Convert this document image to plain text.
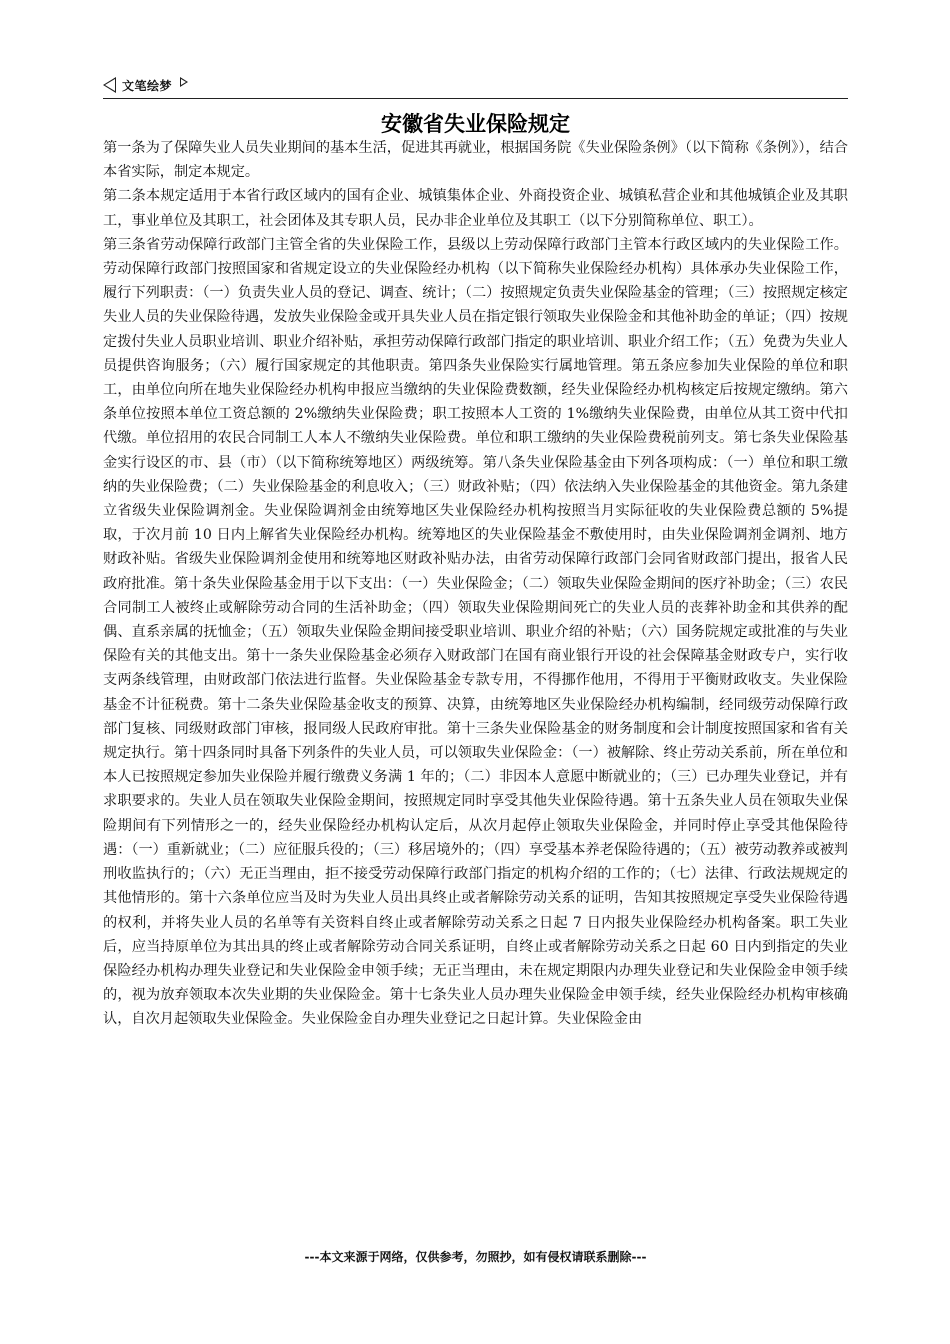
文笔绘梦
安徽省失业保险规定

第一条为了保障失业人员失业期间的基本生活，促进其再就业，根据国务院《失业保险条例》（以下简称《条例》），结合本省实际，制定本规定。

第二条本规定适用于本省行政区域内的国有企业、城镇集体企业、外商投资企业、城镇私营企业和其他城镇企业及其职工，事业单位及其职工，社会团体及其专职人员，民办非企业单位及其职工（以下分别简称单位、职工）。

第三条省劳动保障行政部门主管全省的失业保险工作，县级以上劳动保障行政部门主管本行政区域内的失业保险工作。劳动保障行政部门按照国家和省规定设立的失业保险经办机构（以下简称失业保险经办机构）具体承办失业保险工作，履行下列职责：（一）负责失业人员的登记、调查、统计；（二）按照规定负责失业保险基金的管理；（三）按照规定核定失业人员的失业保险待遇，发放失业保险金或开具失业人员在指定银行领取失业保险金和其他补助金的单证；（四）按规定拨付失业人员职业培训、职业介绍补贴，承担劳动保障行政部门指定的职业培训、职业介绍工作；（五）免费为失业人员提供咨询服务；（六）履行国家规定的其他职责。第四条失业保险实行属地管理。第五条应参加失业保险的单位和职工，由单位向所在地失业保险经办机构申报应当缴纳的失业保险费数额，经失业保险经办机构核定后按规定缴纳。第六条单位按照本单位工资总额的 2%缴纳失业保险费；职工按照本人工资的 1%缴纳失业保险费，由单位从其工资中代扣代缴。单位招用的农民合同制工人本人不缴纳失业保险费。单位和职工缴纳的失业保险费税前列支。第七条失业保险基金实行设区的市、县（市）（以下简称统筹地区）两级统筹。第八条失业保险基金由下列各项构成：（一）单位和职工缴纳的失业保险费；（二）失业保险基金的利息收入；（三）财政补贴；（四）依法纳入失业保险基金的其他资金。第九条建立省级失业保险调剂金。失业保险调剂金由统筹地区失业保险经办机构按照当月实际征收的失业保险费总额的 5%提取，于次月前 10 日内上解省失业保险经办机构。统筹地区的失业保险基金不敷使用时，由失业保险调剂金调剂、地方财政补贴。省级失业保险调剂金使用和统筹地区财政补贴办法，由省劳动保障行政部门会同省财政部门提出，报省人民政府批准。第十条失业保险基金用于以下支出：（一）失业保险金；（二）领取失业保险金期间的医疗补助金；（三）农民合同制工人被终止或解除劳动合同的生活补助金；（四）领取失业保险期间死亡的失业人员的丧葬补助金和其供养的配偶、直系亲属的抚恤金；（五）领取失业保险金期间接受职业培训、职业介绍的补贴；（六）国务院规定或批准的与失业保险有关的其他支出。第十一条失业保险基金必须存入财政部门在国有商业银行开设的社会保障基金财政专户，实行收支两条线管理，由财政部门依法进行监督。失业保险基金专款专用，不得挪作他用，不得用于平衡财政收支。失业保险基金不计征税费。第十二条失业保险基金收支的预算、决算，由统筹地区失业保险经办机构编制，经同级劳动保障行政部门复核、同级财政部门审核，报同级人民政府审批。第十三条失业保险基金的财务制度和会计制度按照国家和省有关规定执行。第十四条同时具备下列条件的失业人员，可以领取失业保险金：（一）被解除、终止劳动关系前，所在单位和本人已按照规定参加失业保险并履行缴费义务满 1 年的；（二）非因本人意愿中断就业的；（三）已办理失业登记，并有求职要求的。失业人员在领取失业保险金期间，按照规定同时享受其他失业保险待遇。第十五条失业人员在领取失业保险期间有下列情形之一的，经失业保险经办机构认定后，从次月起停止领取失业保险金，并同时停止享受其他保险待遇：（一）重新就业；（二）应征服兵役的；（三）移居境外的；（四）享受基本养老保险待遇的；（五）被劳动教养或被判刑收监执行的；（六）无正当理由，拒不接受劳动保障行政部门指定的机构介绍的工作的；（七）法律、行政法规规定的其他情形的。第十六条单位应当及时为失业人员出具终止或者解除劳动关系的证明，告知其按照规定享受失业保险待遇的权利，并将失业人员的名单等有关资料自终止或者解除劳动关系之日起 7 日内报失业保险经办机构备案。职工失业后，应当持原单位为其出具的终止或者解除劳动合同关系证明，自终止或者解除劳动关系之日起 60 日内到指定的失业保险经办机构办理失业登记和失业保险金申领手续；无正当理由，未在规定期限内办理失业登记和失业保险金申领手续的，视为放弃领取本次失业期的失业保险金。第十七条失业人员办理失业保险金申领手续，经失业保险经办机构审核确认，自次月起领取失业保险金。失业保险金自办理失业登记之日起计算。失业保险金由

---本文来源于网络，仅供参考，勿照抄，如有侵权请联系删除---
